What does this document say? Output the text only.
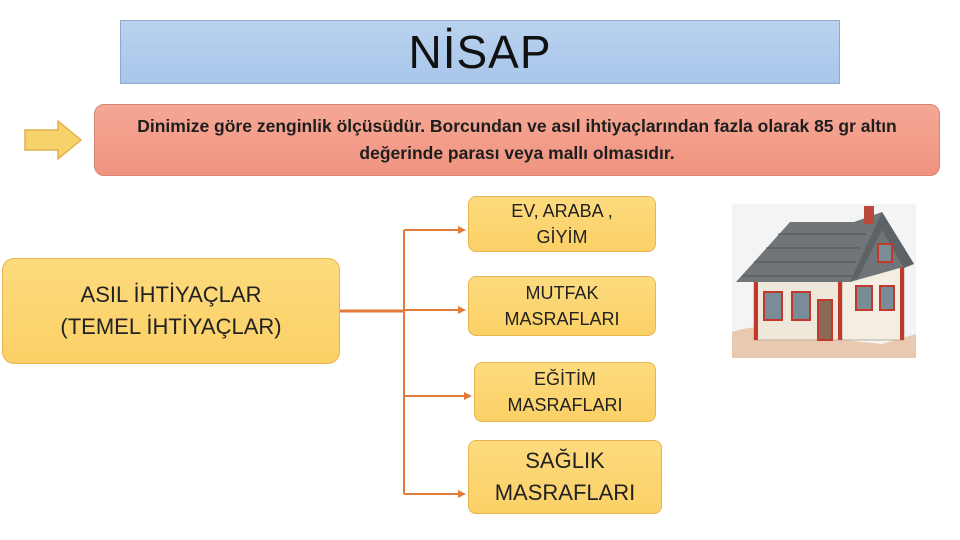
NİSAP
Dinimize göre zenginlik ölçüsüdür. Borcundan ve asıl ihtiyaçlarından fazla olarak 85 gr altın değerinde parası veya mallı olmasıdır.
ASIL İHTİYAÇLAR
(TEMEL İHTİYAÇLAR)
EV, ARABA ,
GİYİM
MUTFAK
MASRAFLARI
EĞİTİM
MASRAFLARI
SAĞLIK
MASRAFLARI
